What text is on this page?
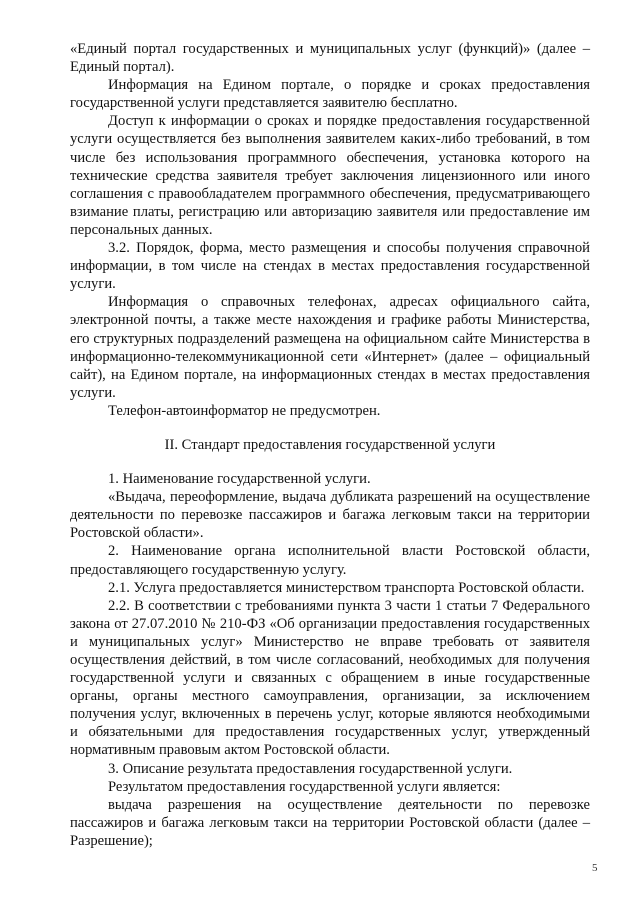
«Единый портал государственных и муниципальных услуг (функций)» (далее – Единый портал).

Информация на Едином портале, о порядке и сроках предоставления государственной услуги представляется заявителю бесплатно.

Доступ к информации о сроках и порядке предоставления государственной услуги осуществляется без выполнения заявителем каких-либо требований, в том числе без использования программного обеспечения, установка которого на технические средства заявителя требует заключения лицензионного или иного соглашения с правообладателем программного обеспечения, предусматривающего взимание платы, регистрацию или авторизацию заявителя или предоставление им персональных данных.

3.2. Порядок, форма, место размещения и способы получения справочной информации, в том числе на стендах в местах предоставления государственной услуги.

Информация о справочных телефонах, адресах официального сайта, электронной почты, а также месте нахождения и графике работы Министерства, его структурных подразделений размещена на официальном сайте Министерства в информационно-телекоммуникационной сети «Интернет» (далее – официальный сайт), на Едином портале, на информационных стендах в местах предоставления услуги.

Телефон-автоинформатор не предусмотрен.

II. Стандарт предоставления государственной услуги

1. Наименование государственной услуги.

«Выдача, переоформление, выдача дубликата разрешений на осуществление деятельности по перевозке пассажиров и багажа легковым такси на территории Ростовской области».

2. Наименование органа исполнительной власти Ростовской области, предоставляющего государственную услугу.

2.1. Услуга предоставляется министерством транспорта Ростовской области.

2.2. В соответствии с требованиями пункта 3 части 1 статьи 7 Федерального закона от 27.07.2010 № 210-ФЗ «Об организации предоставления государственных и муниципальных услуг» Министерство не вправе требовать от заявителя осуществления действий, в том числе согласований, необходимых для получения государственной услуги и связанных с обращением в иные государственные органы, органы местного самоуправления, организации, за исключением получения услуг, включенных в перечень услуг, которые являются необходимыми и обязательными для предоставления государственных услуг, утвержденный нормативным правовым актом Ростовской области.

3. Описание результата предоставления государственной услуги.

Результатом предоставления государственной услуги является:

выдача разрешения на осуществление деятельности по перевозке пассажиров и багажа легковым такси на территории Ростовской области (далее – Разрешение);

5
